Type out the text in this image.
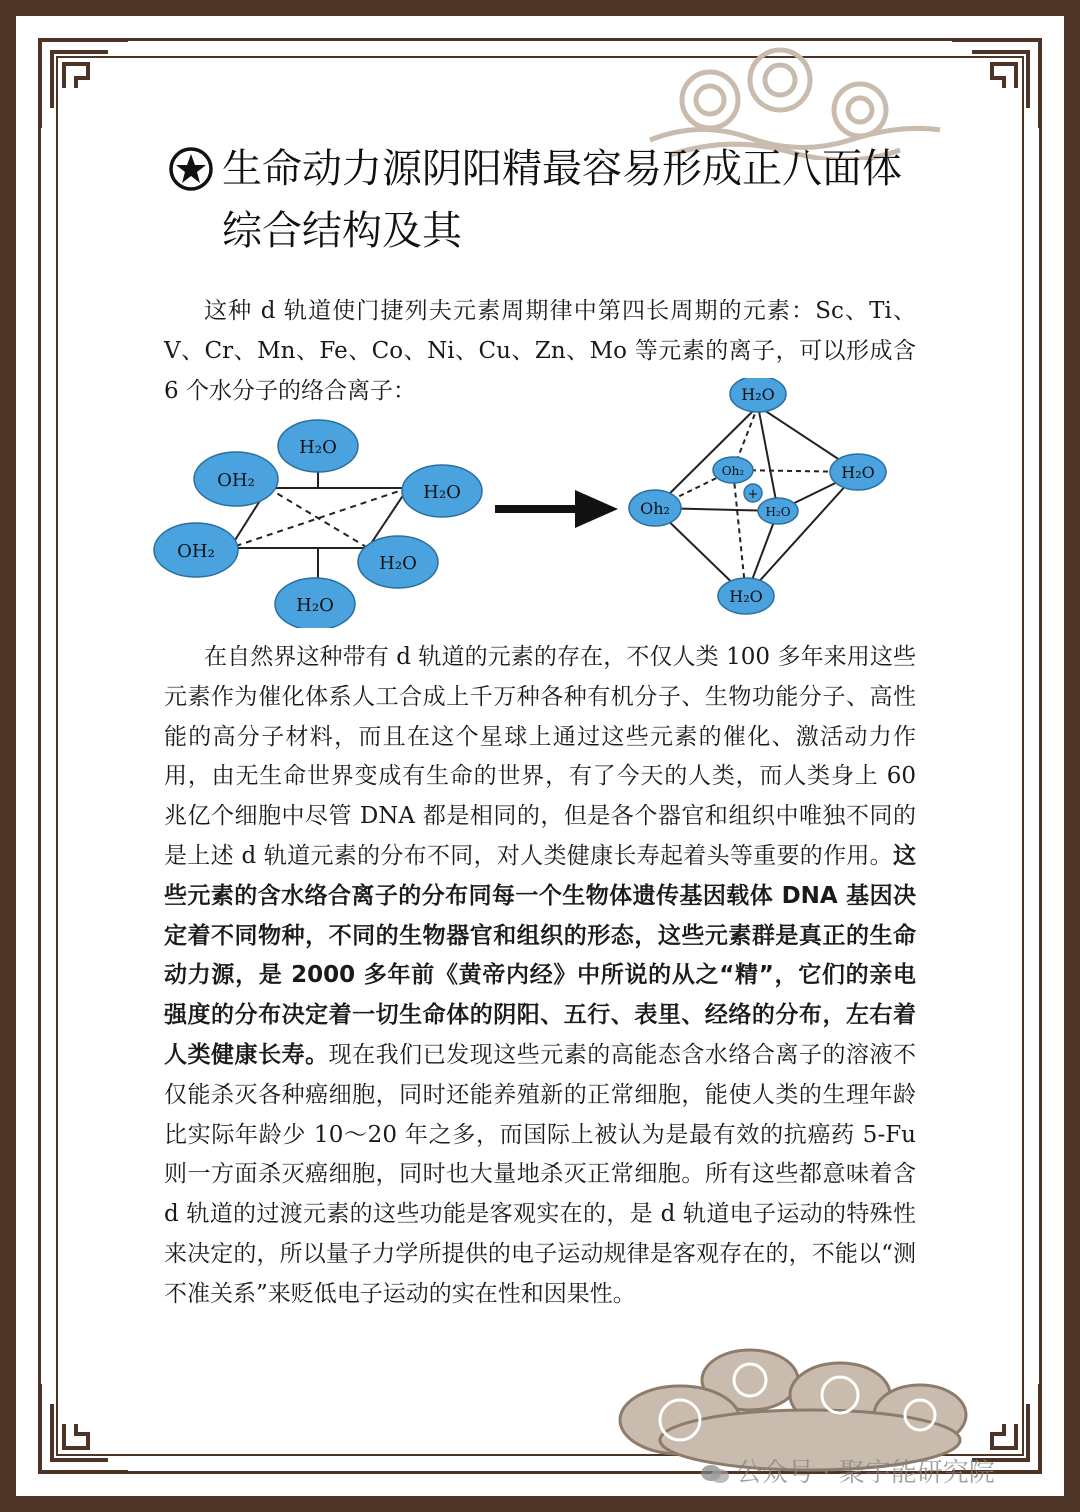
生命动力源阴阳精最容易形成正八面体
综合结构及其

这种 d 轨道使门捷列夫元素周期律中第四长周期的元素：Sc、Ti、V、Cr、Mn、Fe、Co、Ni、Cu、Zn、Mo 等元素的离子，可以形成含 6 个水分子的络合离子：

H₂O
OH₂
H₂O
OH₂
H₂O
H₂O
H₂O
Oh₂
H₂O
Oh₂
H₂O
H₂O
+

在自然界这种带有 d 轨道的元素的存在，不仅人类 100 多年来用这些元素作为催化体系人工合成上千万种各种有机分子、生物功能分子、高性能的高分子材料，而且在这个星球上通过这些元素的催化、激活动力作用，由无生命世界变成有生命的世界，有了今天的人类，而人类身上 60 兆亿个细胞中尽管 DNA 都是相同的，但是各个器官和组织中唯独不同的是上述 d 轨道元素的分布不同，对人类健康长寿起着头等重要的作用。这些元素的含水络合离子的分布同每一个生物体遗传基因载体 DNA 基因决定着不同物种，不同的生物器官和组织的形态，这些元素群是真正的生命动力源，是 2000 多年前《黄帝内经》中所说的从之“精”，它们的亲电强度的分布决定着一切生命体的阴阳、五行、表里、经络的分布，左右着人类健康长寿。现在我们已发现这些元素的高能态含水络合离子的溶液不仅能杀灭各种癌细胞，同时还能养殖新的正常细胞，能使人类的生理年龄比实际年龄少 10～20 年之多，而国际上被认为是最有效的抗癌药 5-Fu 则一方面杀灭癌细胞，同时也大量地杀灭正常细胞。所有这些都意味着含 d 轨道的过渡元素的这些功能是客观实在的，是 d 轨道电子运动的特殊性来决定的，所以量子力学所提供的电子运动规律是客观存在的，不能以“测不准关系”来贬低电子运动的实在性和因果性。

公众号 · 聚宇能研究院
